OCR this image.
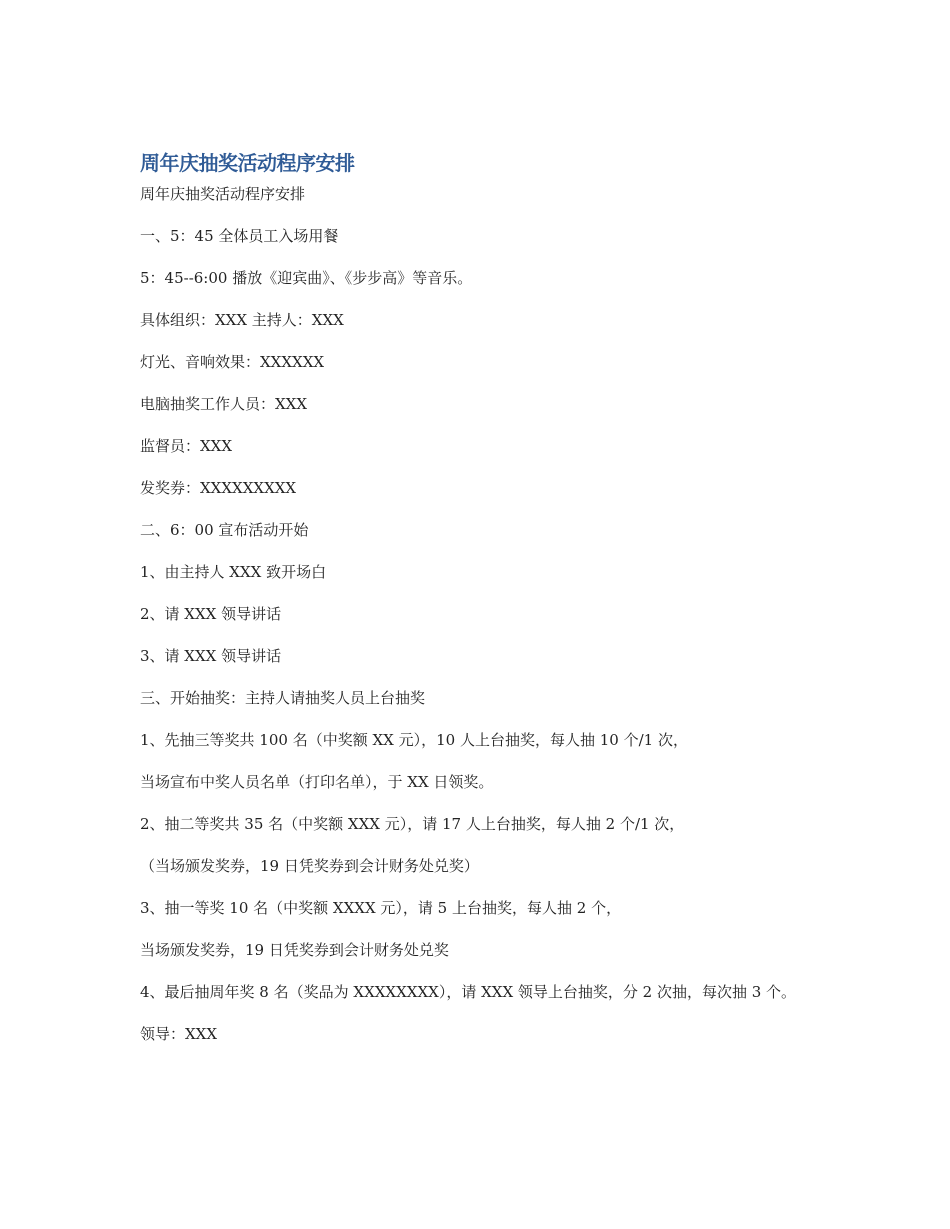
周年庆抽奖活动程序安排
周年庆抽奖活动程序安排

一、5：45 全体员工入场用餐

5：45--6:00 播放《迎宾曲》、《步步高》等音乐。

具体组织：XXX 主持人：XXX

灯光、音响效果：XXXXXX

电脑抽奖工作人员：XXX

监督员：XXX

发奖券：XXXXXXXXX

二、6：00 宣布活动开始

1、由主持人 XXX 致开场白

2、请 XXX 领导讲话

3、请 XXX 领导讲话

三、开始抽奖：主持人请抽奖人员上台抽奖

1、先抽三等奖共 100 名（中奖额 XX 元），10 人上台抽奖，每人抽 10 个/1 次，

当场宣布中奖人员名单（打印名单），于 XX 日领奖。

2、抽二等奖共 35 名（中奖额 XXX 元），请 17 人上台抽奖，每人抽 2 个/1 次，

（当场颁发奖券，19 日凭奖券到会计财务处兑奖）

3、抽一等奖 10 名（中奖额 XXXX 元），请 5 上台抽奖，每人抽 2 个，

当场颁发奖券，19 日凭奖券到会计财务处兑奖

4、最后抽周年奖 8 名（奖品为 XXXXXXXX），请 XXX 领导上台抽奖，分 2 次抽，每次抽 3 个。

领导：XXX
